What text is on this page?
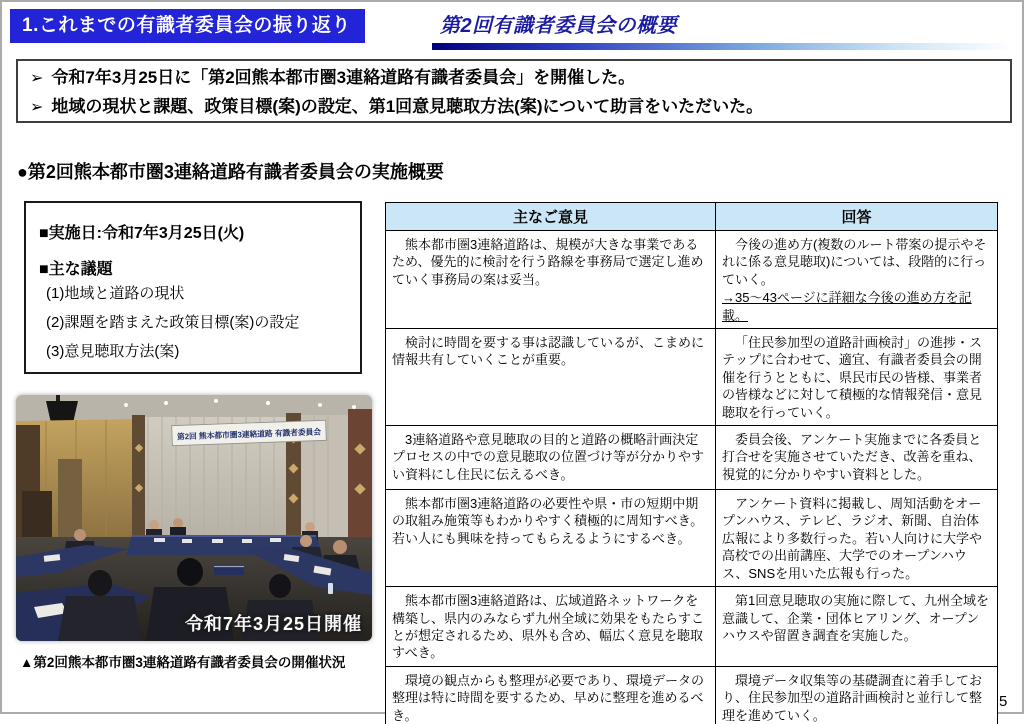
1.これまでの有識者委員会の振り返り	第2回有識者委員会の概要
➢ 令和7年3月25日に「第2回熊本都市圏3連絡道路有識者委員会」を開催した。
➢ 地域の現状と課題、政策目標(案)の設定、第1回意見聴取方法(案)について助言をいただいた。
●第2回熊本都市圏3連絡道路有識者委員会の実施概要
■実施日:令和7年3月25日(火)
■主な議題
(1)地域と道路の現状
(2)課題を踏まえた政策目標(案)の設定
(3)意見聴取方法(案)
第2回 熊本都市圏3連絡道路 有識者委員会
令和7年3月25日開催
▲第2回熊本都市圏3連絡道路有識者委員会の開催状況
主なご意見	回答

熊本都市圏3連絡道路は、規模が大きな事業であるため、優先的に検討を行う路線を事務局で選定し進めていく事務局の案は妥当。	今後の進め方(複数のルート帯案の提示やそれに係る意見聴取)については、段階的に行っていく。
→35〜43ページに詳細な今後の進め方を記載。

検討に時間を要する事は認識しているが、こまめに情報共有していくことが重要。	「住民参加型の道路計画検討」の進捗・ステップに合わせて、適宜、有識者委員会の開催を行うとともに、県民市民の皆様、事業者の皆様などに対して積極的な情報発信・意見聴取を行っていく。

3連絡道路や意見聴取の目的と道路の概略計画決定プロセスの中での意見聴取の位置づけ等が分かりやすい資料にし住民に伝えるべき。	委員会後、アンケート実施までに各委員と打合せを実施させていただき、改善を重ね、視覚的に分かりやすい資料とした。

熊本都市圏3連絡道路の必要性や県・市の短期中期の取組み施策等もわかりやすく積極的に周知すべき。若い人にも興味を持ってもらえるようにするべき。	アンケート資料に掲載し、周知活動をオープンハウス、テレビ、ラジオ、新聞、自治体広報により多数行った。若い人向けに大学や高校での出前講座、大学でのオープンハウス、SNSを用いた広報も行った。

熊本都市圏3連絡道路は、広域道路ネットワークを構築し、県内のみならず九州全域に効果をもたらすことが想定されるため、県外も含め、幅広く意見を聴取すべき。	第1回意見聴取の実施に際して、九州全域を意識して、企業・団体ヒアリング、オープンハウスや留置き調査を実施した。

環境の観点からも整理が必要であり、環境データの整理は特に時間を要するため、早めに整理を進めるべき。	環境データ収集等の基礎調査に着手しており、住民参加型の道路計画検討と並行して整理を進めていく。
5
